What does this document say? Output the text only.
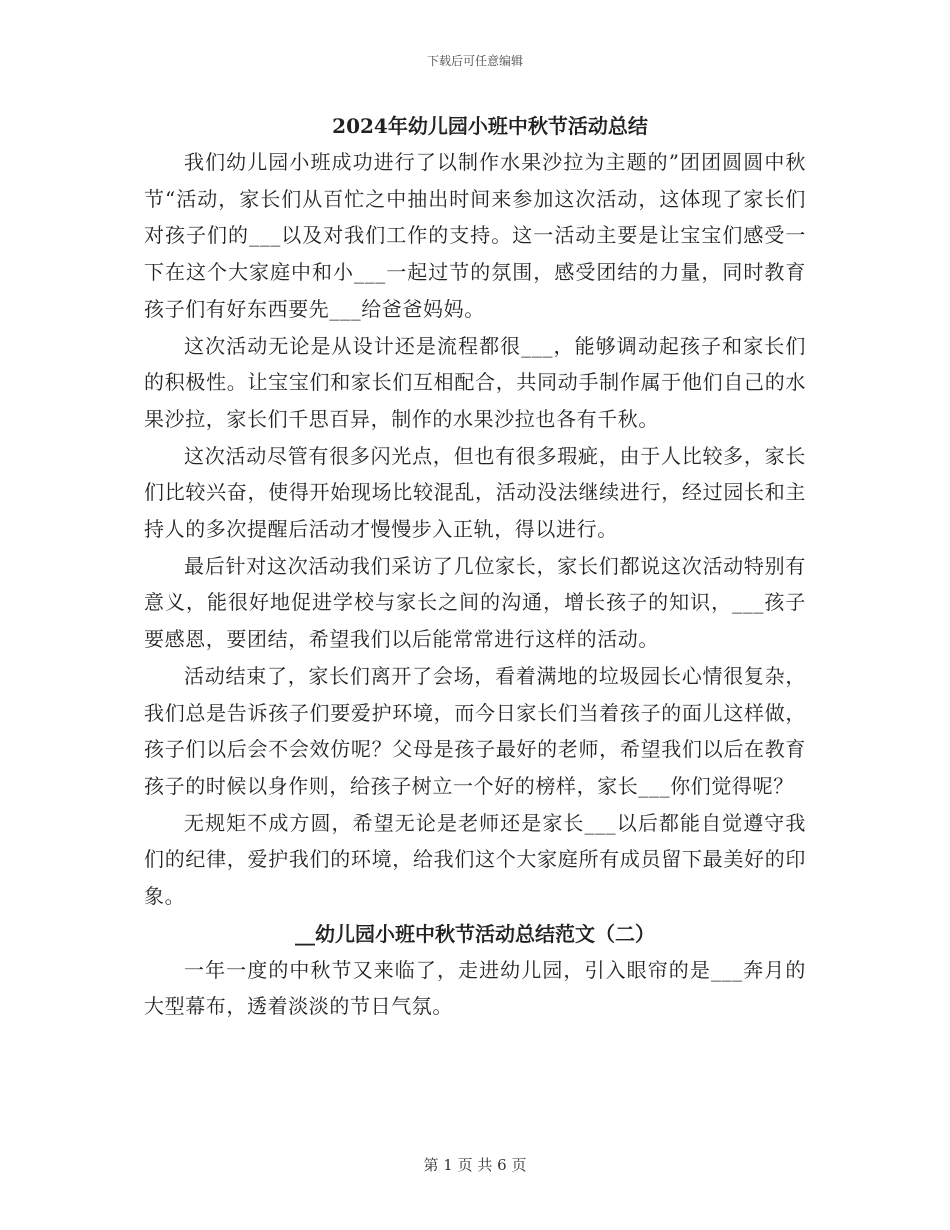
下载后可任意编辑
2024年幼儿园小班中秋节活动总结

我们幼儿园小班成功进行了以制作水果沙拉为主题的”团团圆圆中秋节“活动，家长们从百忙之中抽出时间来参加这次活动，这体现了家长们对孩子们的___以及对我们工作的支持。这一活动主要是让宝宝们感受一下在这个大家庭中和小___一起过节的氛围，感受团结的力量，同时教育孩子们有好东西要先___给爸爸妈妈。

这次活动无论是从设计还是流程都很___，能够调动起孩子和家长们的积极性。让宝宝们和家长们互相配合，共同动手制作属于他们自己的水果沙拉，家长们千思百异，制作的水果沙拉也各有千秋。

这次活动尽管有很多闪光点，但也有很多瑕疵，由于人比较多，家长们比较兴奋，使得开始现场比较混乱，活动没法继续进行，经过园长和主持人的多次提醒后活动才慢慢步入正轨，得以进行。

最后针对这次活动我们采访了几位家长，家长们都说这次活动特别有意义，能很好地促进学校与家长之间的沟通，增长孩子的知识，___孩子要感恩，要团结，希望我们以后能常常进行这样的活动。

活动结束了，家长们离开了会场，看着满地的垃圾园长心情很复杂，我们总是告诉孩子们要爱护环境，而今日家长们当着孩子的面儿这样做，孩子们以后会不会效仿呢？父母是孩子最好的老师，希望我们以后在教育孩子的时候以身作则，给孩子树立一个好的榜样，家长___你们觉得呢？

无规矩不成方圆，希望无论是老师还是家长___以后都能自觉遵守我们的纪律，爱护我们的环境，给我们这个大家庭所有成员留下最美好的印象。

__幼儿园小班中秋节活动总结范文（二）

一年一度的中秋节又来临了，走进幼儿园，引入眼帘的是___奔月的大型幕布，透着淡淡的节日气氛。

第 1 页 共 6 页
